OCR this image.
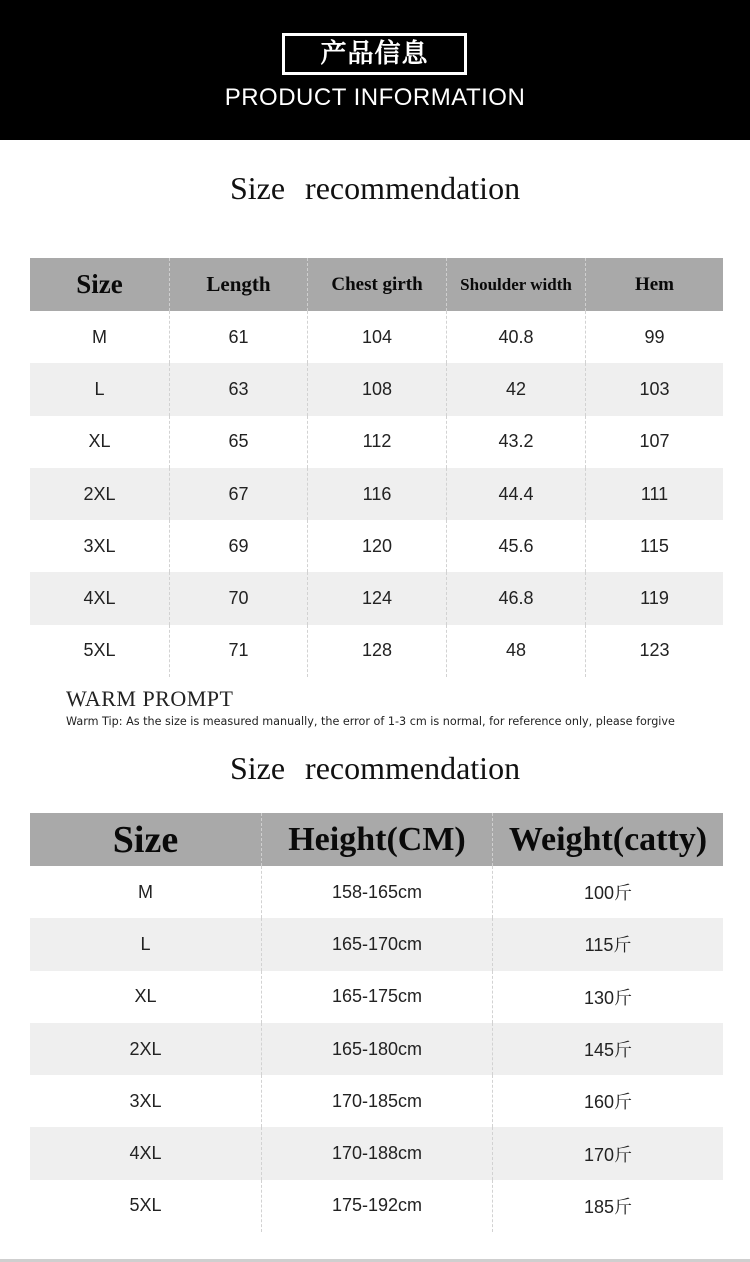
产品信息
PRODUCT INFORMATION
Size recommendation
Size	Length	Chest girth	Shoulder width	Hem
M	61	104	40.8	99
L	63	108	42	103
XL	65	112	43.2	107
2XL	67	116	44.4	111
3XL	69	120	45.6	115
4XL	70	124	46.8	119
5XL	71	128	48	123
WARM PROMPT
Warm Tip: As the size is measured manually, the error of 1-3 cm is normal, for reference only, please forgive
Size recommendation
Size	Height(CM)	Weight(catty)
M	158-165cm	100斤
L	165-170cm	115斤
XL	165-175cm	130斤
2XL	165-180cm	145斤
3XL	170-185cm	160斤
4XL	170-188cm	170斤
5XL	175-192cm	185斤
